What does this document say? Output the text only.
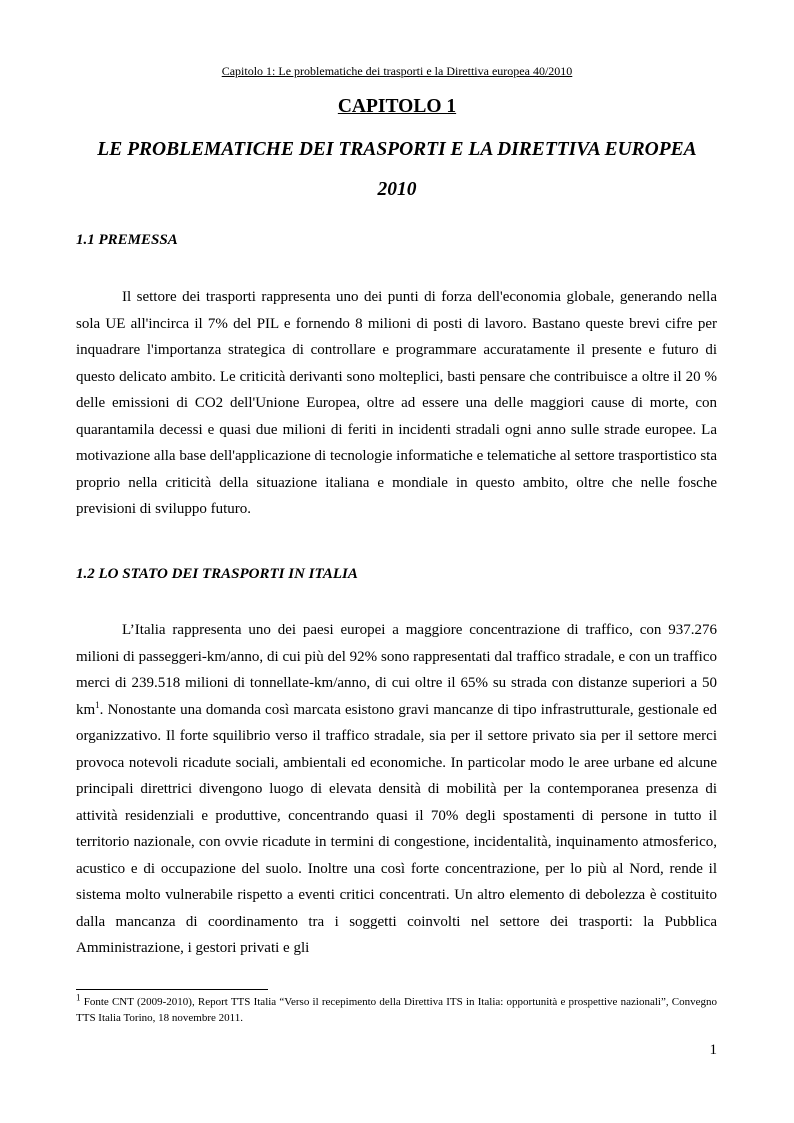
Capitolo 1: Le problematiche dei trasporti e la Direttiva europea 40/2010
CAPITOLO 1
LE PROBLEMATICHE DEI TRASPORTI E LA DIRETTIVA EUROPEA 2010
1.1 PREMESSA

Il settore dei trasporti rappresenta uno dei punti di forza dell'economia globale, generando nella sola UE all'incirca il 7% del PIL e fornendo 8 milioni di posti di lavoro. Bastano queste brevi cifre per inquadrare l'importanza strategica di controllare e programmare accuratamente il presente e futuro di questo delicato ambito. Le criticità derivanti sono molteplici, basti pensare che contribuisce a oltre il 20 % delle emissioni di CO2 dell'Unione Europea, oltre ad essere una delle maggiori cause di morte, con quarantamila decessi e quasi due milioni di feriti in incidenti stradali ogni anno sulle strade europee. La motivazione alla base dell'applicazione di tecnologie informatiche e telematiche al settore trasportistico sta proprio nella criticità della situazione italiana e mondiale in questo ambito, oltre che nelle fosche previsioni di sviluppo futuro.

1.2 LO STATO DEI TRASPORTI IN ITALIA

L’Italia rappresenta uno dei paesi europei a maggiore concentrazione di traffico, con 937.276 milioni di passeggeri-km/anno, di cui più del 92% sono rappresentati dal traffico stradale, e con un traffico merci di 239.518 milioni di tonnellate-km/anno, di cui oltre il 65% su strada con distanze superiori a 50 $km^1$. Nonostante una domanda così marcata esistono gravi mancanze di tipo infrastrutturale, gestionale ed organizzativo. Il forte squilibrio verso il traffico stradale, sia per il settore privato sia per il settore merci provoca notevoli ricadute sociali, ambientali ed economiche. In particolar modo le aree urbane ed alcune principali direttrici divengono luogo di elevata densità di mobilità per la contemporanea presenza di attività residenziali e produttive, concentrando quasi il 70% degli spostamenti di persone in tutto il territorio nazionale, con ovvie ricadute in termini di congestione, incidentalità, inquinamento atmosferico, acustico e di occupazione del suolo. Inoltre una così forte concentrazione, per lo più al Nord, rende il sistema molto vulnerabile rispetto a eventi critici concentrati. Un altro elemento di debolezza è costituito dalla mancanza di coordinamento tra i soggetti coinvolti nel settore dei trasporti: la Pubblica Amministrazione, i gestori privati e gli

$^1$ Fonte CNT (2009-2010), Report TTS Italia “Verso il recepimento della Direttiva ITS in Italia: opportunità e prospettive nazionali”, Convegno TTS Italia Torino, 18 novembre 2011.

1
